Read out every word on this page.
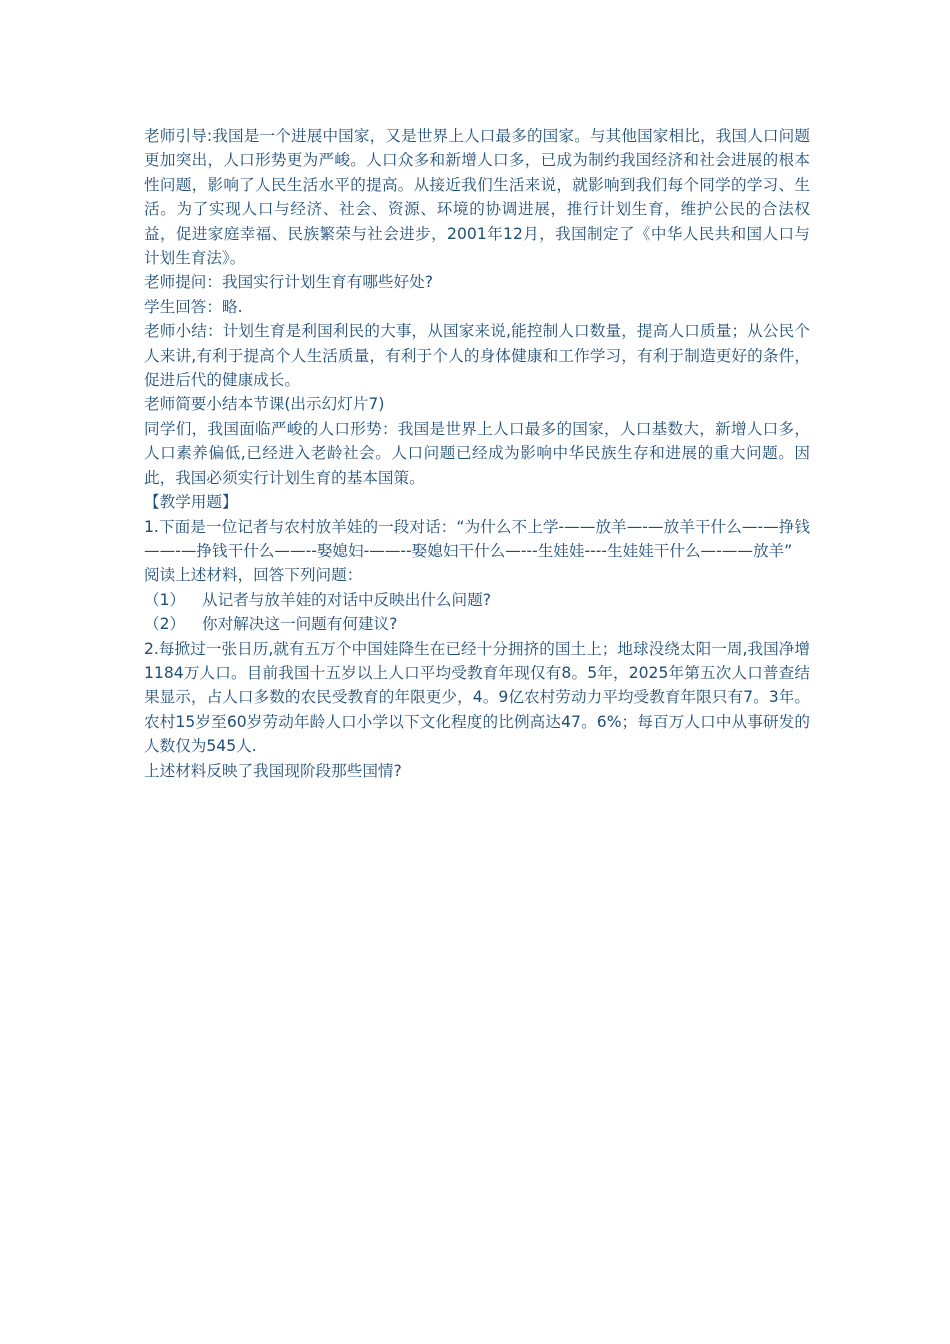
老师引导:我国是一个进展中国家，又是世界上人口最多的国家。与其他国家相比，我国人口问题更加突出，人口形势更为严峻。人口众多和新增人口多，已成为制约我国经济和社会进展的根本性问题，影响了人民生活水平的提高。从接近我们生活来说，就影响到我们每个同学的学习、生活。为了实现人口与经济、社会、资源、环境的协调进展，推行计划生育，维护公民的合法权益，促进家庭幸福、民族繁荣与社会进步，2001年12月，我国制定了《中华人民共和国人口与计划生育法》。

老师提问：我国实行计划生育有哪些好处?

学生回答：略.

老师小结：计划生育是利国利民的大事，从国家来说,能控制人口数量，提高人口质量；从公民个人来讲,有利于提高个人生活质量，有利于个人的身体健康和工作学习，有利于制造更好的条件，促进后代的健康成长。

老师简要小结本节课(出示幻灯片7)

同学们，我国面临严峻的人口形势：我国是世界上人口最多的国家，人口基数大，新增人口多，人口素养偏低,已经进入老龄社会。人口问题已经成为影响中华民族生存和进展的重大问题。因此，我国必须实行计划生育的基本国策。

【教学用题】

1.下面是一位记者与农村放羊娃的一段对话：“为什么不上学-——放羊—-—放羊干什么—-—挣钱——-—挣钱干什么——--娶媳妇-——--娶媳妇干什么—---生娃娃----生娃娃干什么—-——放羊”

阅读上述材料，回答下列问题：

（1）	从记者与放羊娃的对话中反映出什么问题?
（2）	你对解决这一问题有何建议?

2.每掀过一张日历,就有五万个中国娃降生在已经十分拥挤的国土上；地球没绕太阳一周,我国净增1184万人口。目前我国十五岁以上人口平均受教育年现仅有8。5年，2025年第五次人口普查结果显示，占人口多数的农民受教育的年限更少，4。9亿农村劳动力平均受教育年限只有7。3年。农村15岁至60岁劳动年龄人口小学以下文化程度的比例高达47。6%；每百万人口中从事研发的人数仅为545人.

上述材料反映了我国现阶段那些国情?
